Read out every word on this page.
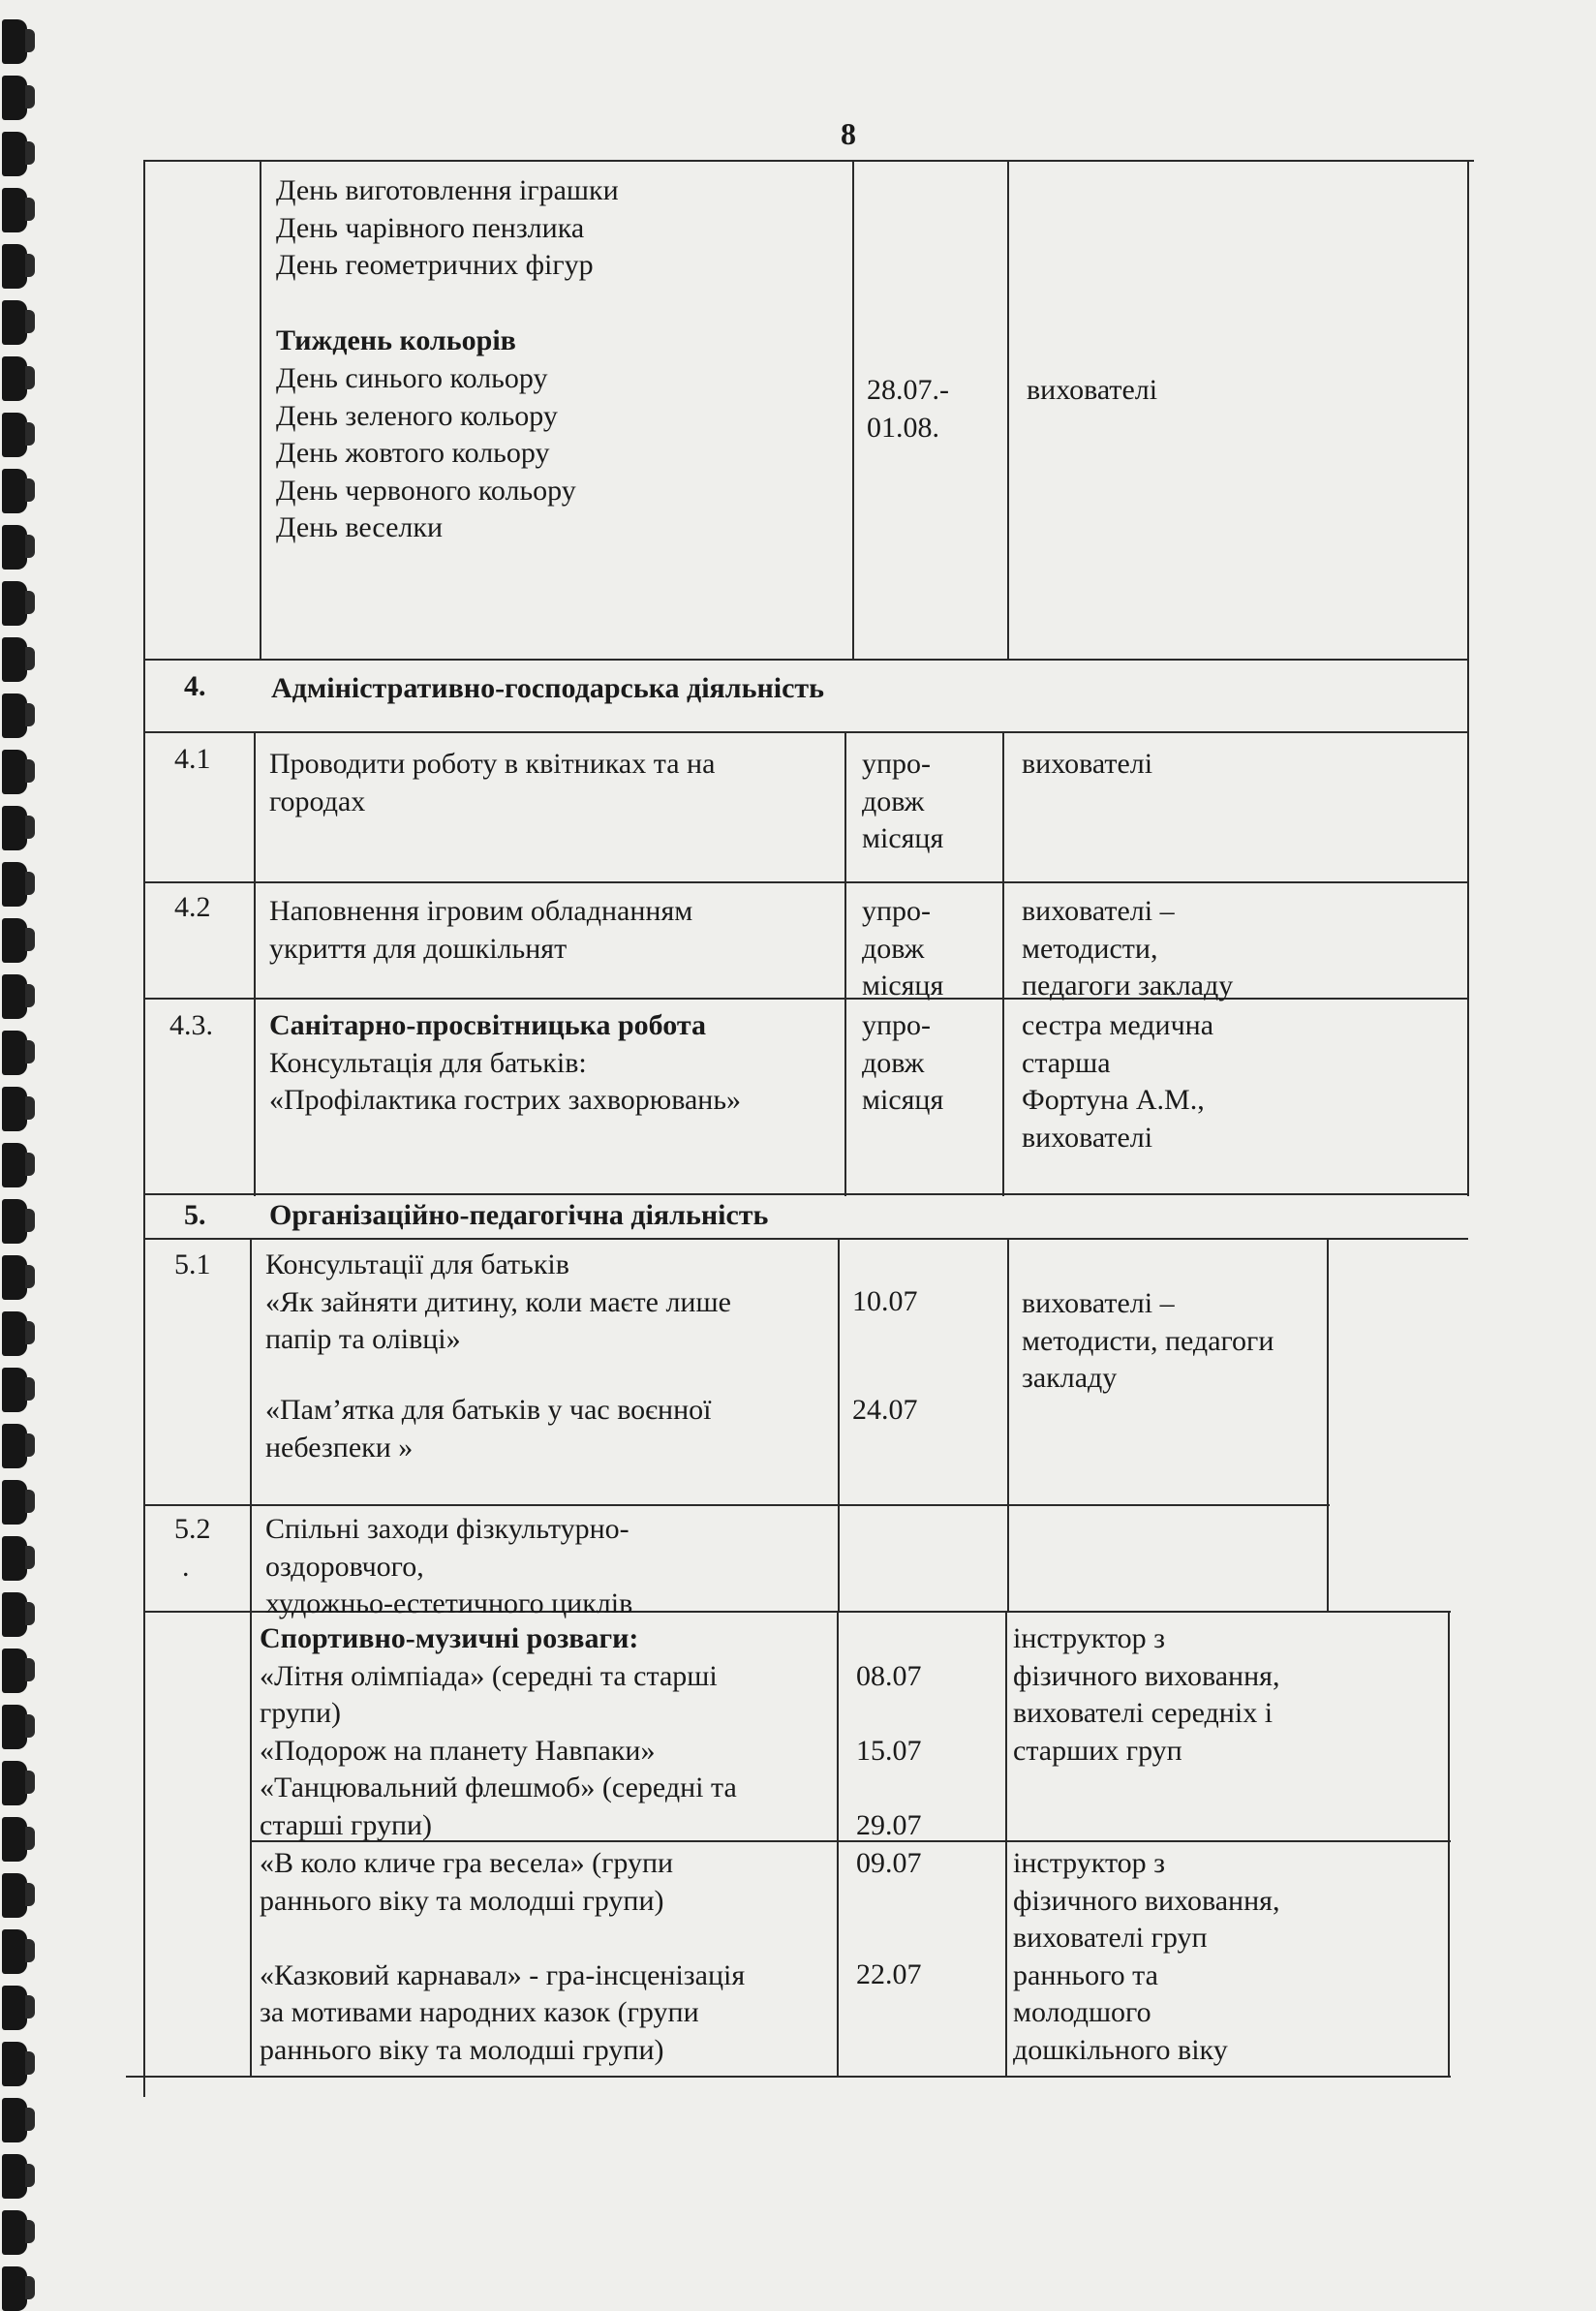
8
День виготовлення іграшки
День чарівного пензлика
День геометричних фігур
Тиждень кольорів
День синього кольору
День зеленого кольору
День жовтого кольору
День червоного кольору
День веселки
28.07.-
01.08.
вихователі
4. Адміністративно-господарська діяльність
4.1 Проводити роботу в квітниках та на
городах
упро-
довж
місяця
вихователі
4.2 Наповнення ігровим обладнанням
укриття для дошкільнят
упро-
довж
місяця
вихователі –
методисти,
педагоги закладу
4.3. Санітарно-просвітницька робота
Консультація для батьків:
«Профілактика гострих захворювань»
упро-
довж
місяця
сестра медична
старша
Фортуна А.М.,
вихователі
5. Організаційно-педагогічна діяльність
5.1 Консультації для батьків
«Як зайняти дитину, коли маєте лише
папір та олівці»
«Пам’ятка для батьків у час воєнної
небезпеки »
10.07
24.07
вихователі –
методисти, педагоги
закладу
5.2
.
Спільні заходи фізкультурно-
оздоровчого,
художньо-естетичного циклів
Спортивно-музичні розваги:
«Літня олімпіада» (середні та старші
групи)
«Подорож на планету Навпаки»
«Танцювальний флешмоб» (середні та
старші групи)
08.07
15.07
29.07
інструктор з
фізичного виховання,
вихователі середніх і
старших груп
«В коло кличе гра весела» (групи
раннього віку та молодші групи)
«Казковий карнавал» - гра-інсценізація
за мотивами народних казок (групи
раннього віку та молодші групи)
09.07
22.07
інструктор з
фізичного виховання,
вихователі груп
раннього та
молодшого
дошкільного віку
